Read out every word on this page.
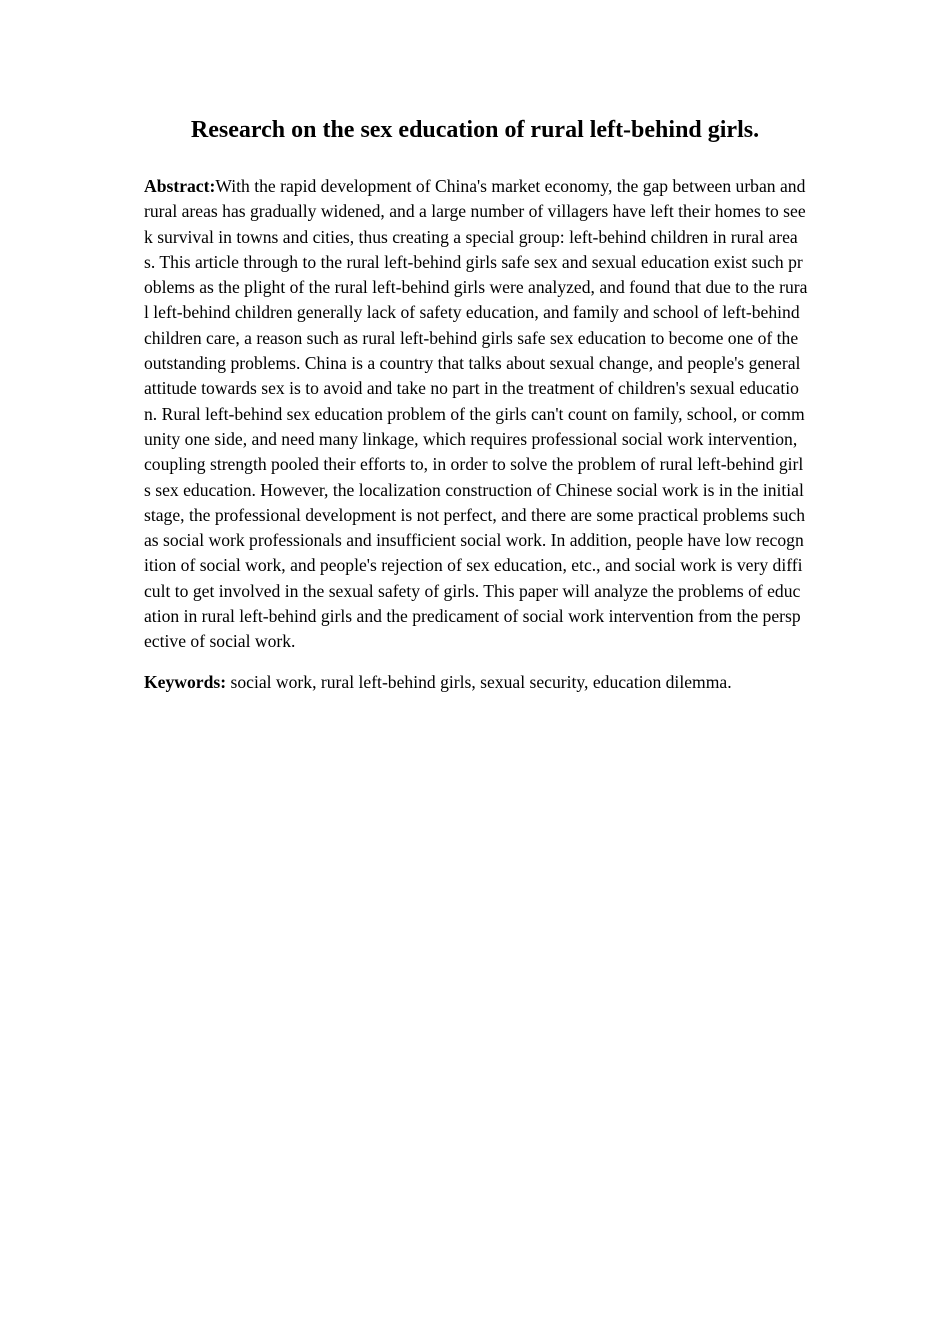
Research on the sex education of rural left-behind girls.

Abstract:With the rapid development of China's market economy, the gap between urban and rural areas has gradually widened, and a large number of villagers have left their homes to seek survival in towns and cities, thus creating a special group: left-behind children in rural areas. This article through to the rural left-behind girls safe sex and sexual education exist such problems as the plight of the rural left-behind girls were analyzed, and found that due to the rural left-behind children generally lack of safety education, and family and school of left-behind children care, a reason such as rural left-behind girls safe sex education to become one of the outstanding problems. China is a country that talks about sexual change, and people's general attitude towards sex is to avoid and take no part in the treatment of children's sexual education. Rural left-behind sex education problem of the girls can't count on family, school, or community one side, and need many linkage, which requires professional social work intervention, coupling strength pooled their efforts to, in order to solve the problem of rural left-behind girls sex education. However, the localization construction of Chinese social work is in the initial stage, the professional development is not perfect, and there are some practical problems such as social work professionals and insufficient social work. In addition, people have low recognition of social work, and people's rejection of sex education, etc., and social work is very difficult to get involved in the sexual safety of girls. This paper will analyze the problems of education in rural left-behind girls and the predicament of social work intervention from the perspective of social work.

Keywords: social work, rural left-behind girls, sexual security, education dilemma.
